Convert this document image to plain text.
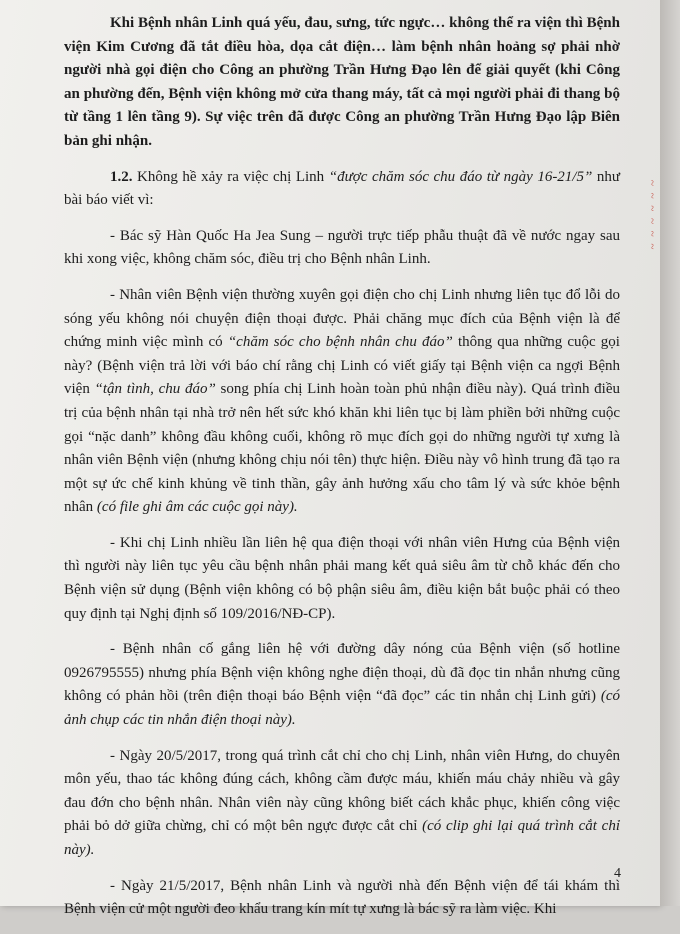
Khi Bệnh nhân Linh quá yếu, đau, sưng, tức ngực… không thể ra viện thì Bệnh viện Kim Cương đã tắt điều hòa, dọa cắt điện… làm bệnh nhân hoảng sợ phải nhờ người nhà gọi điện cho Công an phường Trần Hưng Đạo lên để giải quyết (khi Công an phường đến, Bệnh viện không mở cửa thang máy, tất cả mọi người phải đi thang bộ từ tầng 1 lên tầng 9). Sự việc trên đã được Công an phường Trần Hưng Đạo lập Biên bản ghi nhận.

1.2. Không hề xảy ra việc chị Linh “được chăm sóc chu đáo từ ngày 16-21/5” như bài báo viết vì:

- Bác sỹ Hàn Quốc Ha Jea Sung – người trực tiếp phẫu thuật đã về nước ngay sau khi xong việc, không chăm sóc, điều trị cho Bệnh nhân Linh.

- Nhân viên Bệnh viện thường xuyên gọi điện cho chị Linh nhưng liên tục đổ lỗi do sóng yếu không nói chuyện điện thoại được. Phải chăng mục đích của Bệnh viện là để chứng minh việc mình có “chăm sóc cho bệnh nhân chu đáo” thông qua những cuộc gọi này? (Bệnh viện trả lời với báo chí rằng chị Linh có viết giấy tại Bệnh viện ca ngợi Bệnh viện “tận tình, chu đáo” song phía chị Linh hoàn toàn phủ nhận điều này). Quá trình điều trị của bệnh nhân tại nhà trở nên hết sức khó khăn khi liên tục bị làm phiền bởi những cuộc gọi “nặc danh” không đầu không cuối, không rõ mục đích gọi do những người tự xưng là nhân viên Bệnh viện (nhưng không chịu nói tên) thực hiện. Điều này vô hình trung đã tạo ra một sự ức chế kinh khủng về tinh thần, gây ảnh hưởng xấu cho tâm lý và sức khỏe bệnh nhân (có file ghi âm các cuộc gọi này).

- Khi chị Linh nhiều lần liên hệ qua điện thoại với nhân viên Hưng của Bệnh viện thì người này liên tục yêu cầu bệnh nhân phải mang kết quả siêu âm từ chỗ khác đến cho Bệnh viện sử dụng (Bệnh viện không có bộ phận siêu âm, điều kiện bắt buộc phải có theo quy định tại Nghị định số 109/2016/NĐ-CP).

- Bệnh nhân cố gắng liên hệ với đường dây nóng của Bệnh viện (số hotline 0926795555) nhưng phía Bệnh viện không nghe điện thoại, dù đã đọc tin nhắn nhưng cũng không có phản hồi (trên điện thoại báo Bệnh viện “đã đọc” các tin nhắn chị Linh gửi) (có ảnh chụp các tin nhắn điện thoại này).

- Ngày 20/5/2017, trong quá trình cắt chỉ cho chị Linh, nhân viên Hưng, do chuyên môn yếu, thao tác không đúng cách, không cầm được máu, khiến máu chảy nhiều và gây đau đớn cho bệnh nhân. Nhân viên này cũng không biết cách khắc phục, khiến công việc phải bỏ dở giữa chừng, chỉ có một bên ngực được cắt chỉ (có clip ghi lại quá trình cắt chỉ này).

- Ngày 21/5/2017, Bệnh nhân Linh và người nhà đến Bệnh viện để tái khám thì Bệnh viện cử một người đeo khẩu trang kín mít tự xưng là bác sỹ ra làm việc. Khi

4
~ ~ ~ ~ ~ ~
